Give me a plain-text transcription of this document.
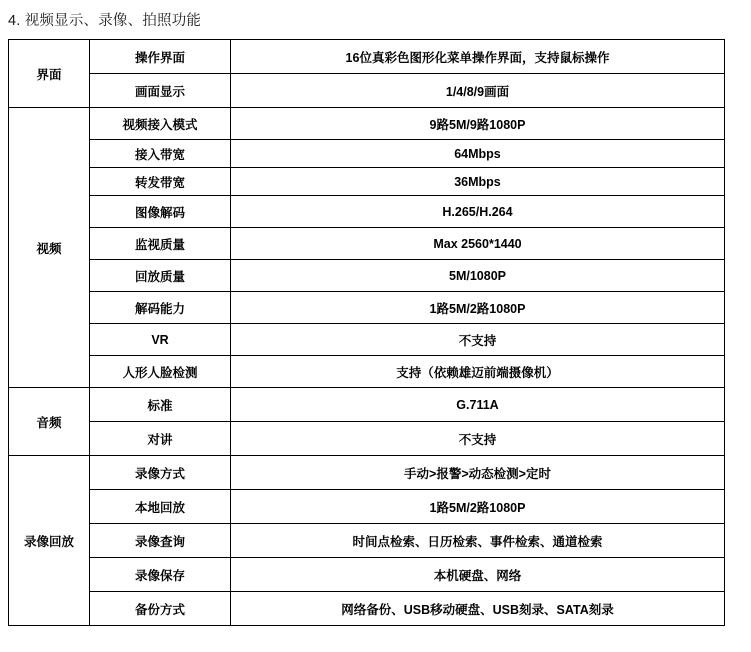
4. 视频显示、录像、拍照功能
界面	操作界面	16位真彩色图形化菜单操作界面，支持鼠标操作
	画面显示	1/4/8/9画面
视频	视频接入模式	9路5M/9路1080P
	接入带宽	64Mbps
	转发带宽	36Mbps
	图像解码	H.265/H.264
	监视质量	Max 2560*1440
	回放质量	5M/1080P
	解码能力	1路5M/2路1080P
	VR	不支持
	人形人脸检测	支持（依赖雄迈前端摄像机）
音频	标准	G.711A
	对讲	不支持
录像回放	录像方式	手动>报警>动态检测>定时
	本地回放	1路5M/2路1080P
	录像查询	时间点检索、日历检索、事件检索、通道检索
	录像保存	本机硬盘、网络
	备份方式	网络备份、USB移动硬盘、USB刻录、SATA刻录
